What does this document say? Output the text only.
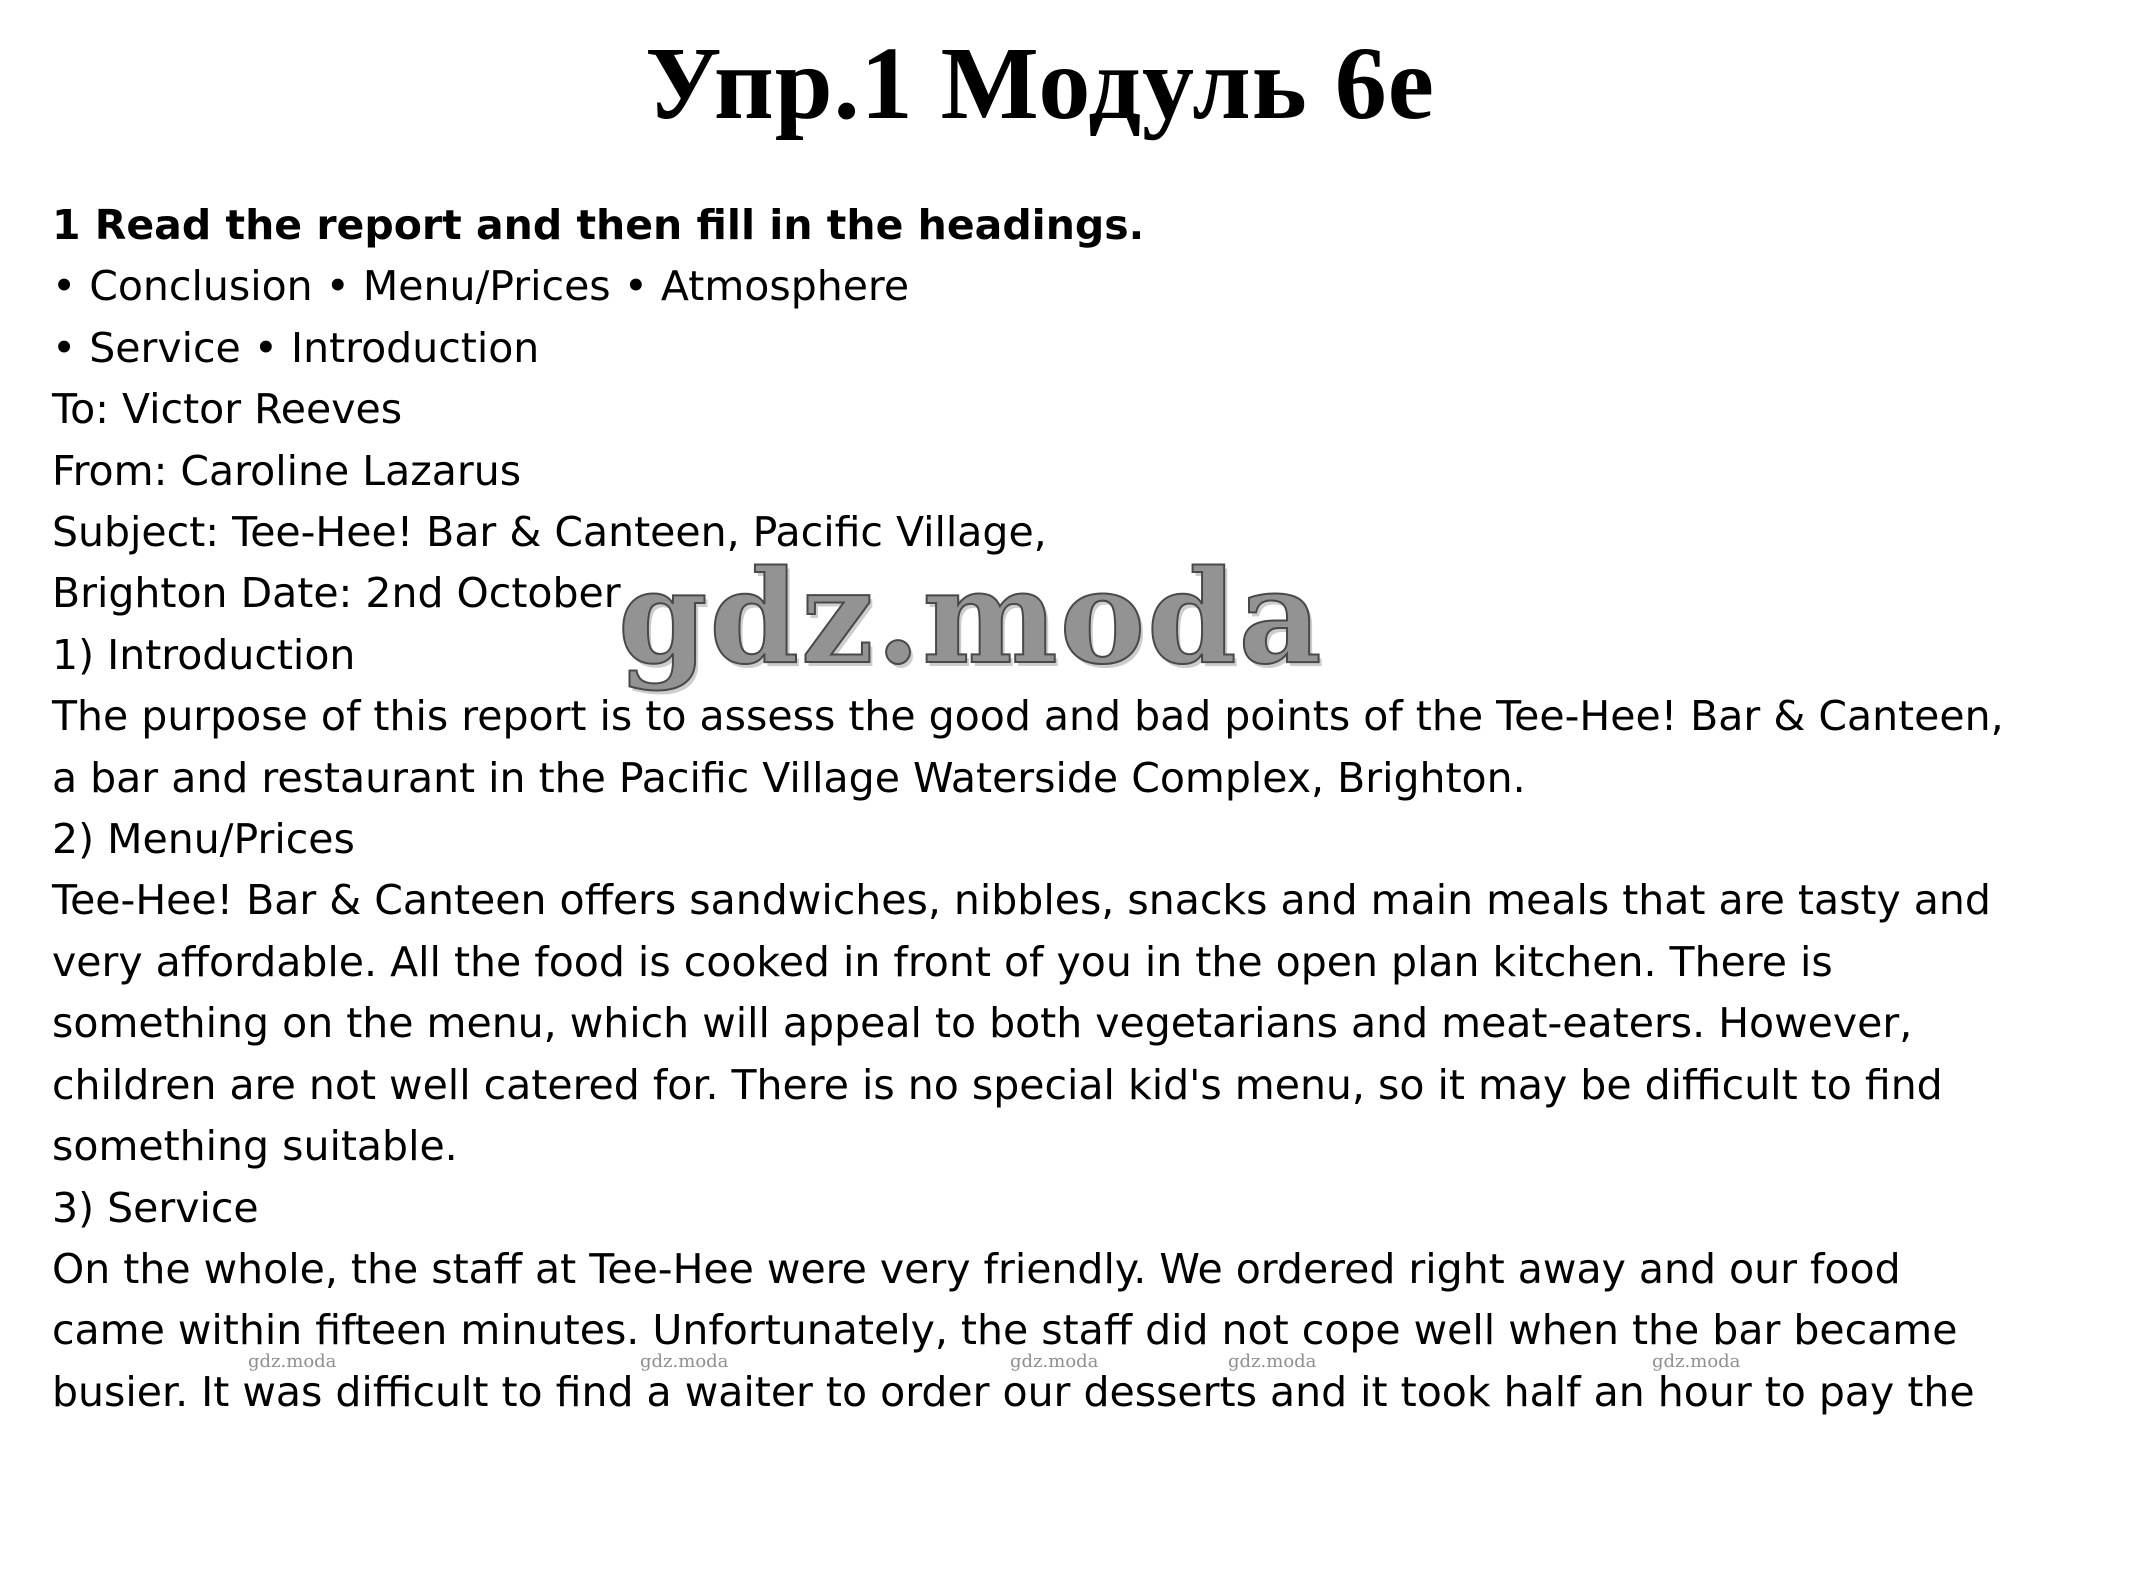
Упр.1 Модуль 6е
1 Read the report and then fill in the headings.
• Conclusion • Menu/Prices • Atmosphere
• Service • Introduction
To: Victor Reeves
From: Caroline Lazarus
Subject: Tee-Hee! Bar & Canteen, Pacific Village,
Brighton Date: 2nd October
1) Introduction
The purpose of this report is to assess the good and bad points of the Tee-Hee! Bar & Canteen,
a bar and restaurant in the Pacific Village Waterside Complex, Brighton.
2) Menu/Prices
Tee-Hee! Bar & Canteen offers sandwiches, nibbles, snacks and main meals that are tasty and
very affordable. All the food is cooked in front of you in the open plan kitchen. There is
something on the menu, which will appeal to both vegetarians and meat-eaters. However,
children are not well catered for. There is no special kid's menu, so it may be difficult to find
something suitable.
3) Service
On the whole, the staff at Tee-Hee were very friendly. We ordered right away and our food
came within fifteen minutes. Unfortunately, the staff did not cope well when the bar became
busier. It was difficult to find a waiter to order our desserts and it took half an hour to pay the
gdz.moda
gdz.moda	gdz.moda	gdz.moda	gdz.moda	gdz.moda
